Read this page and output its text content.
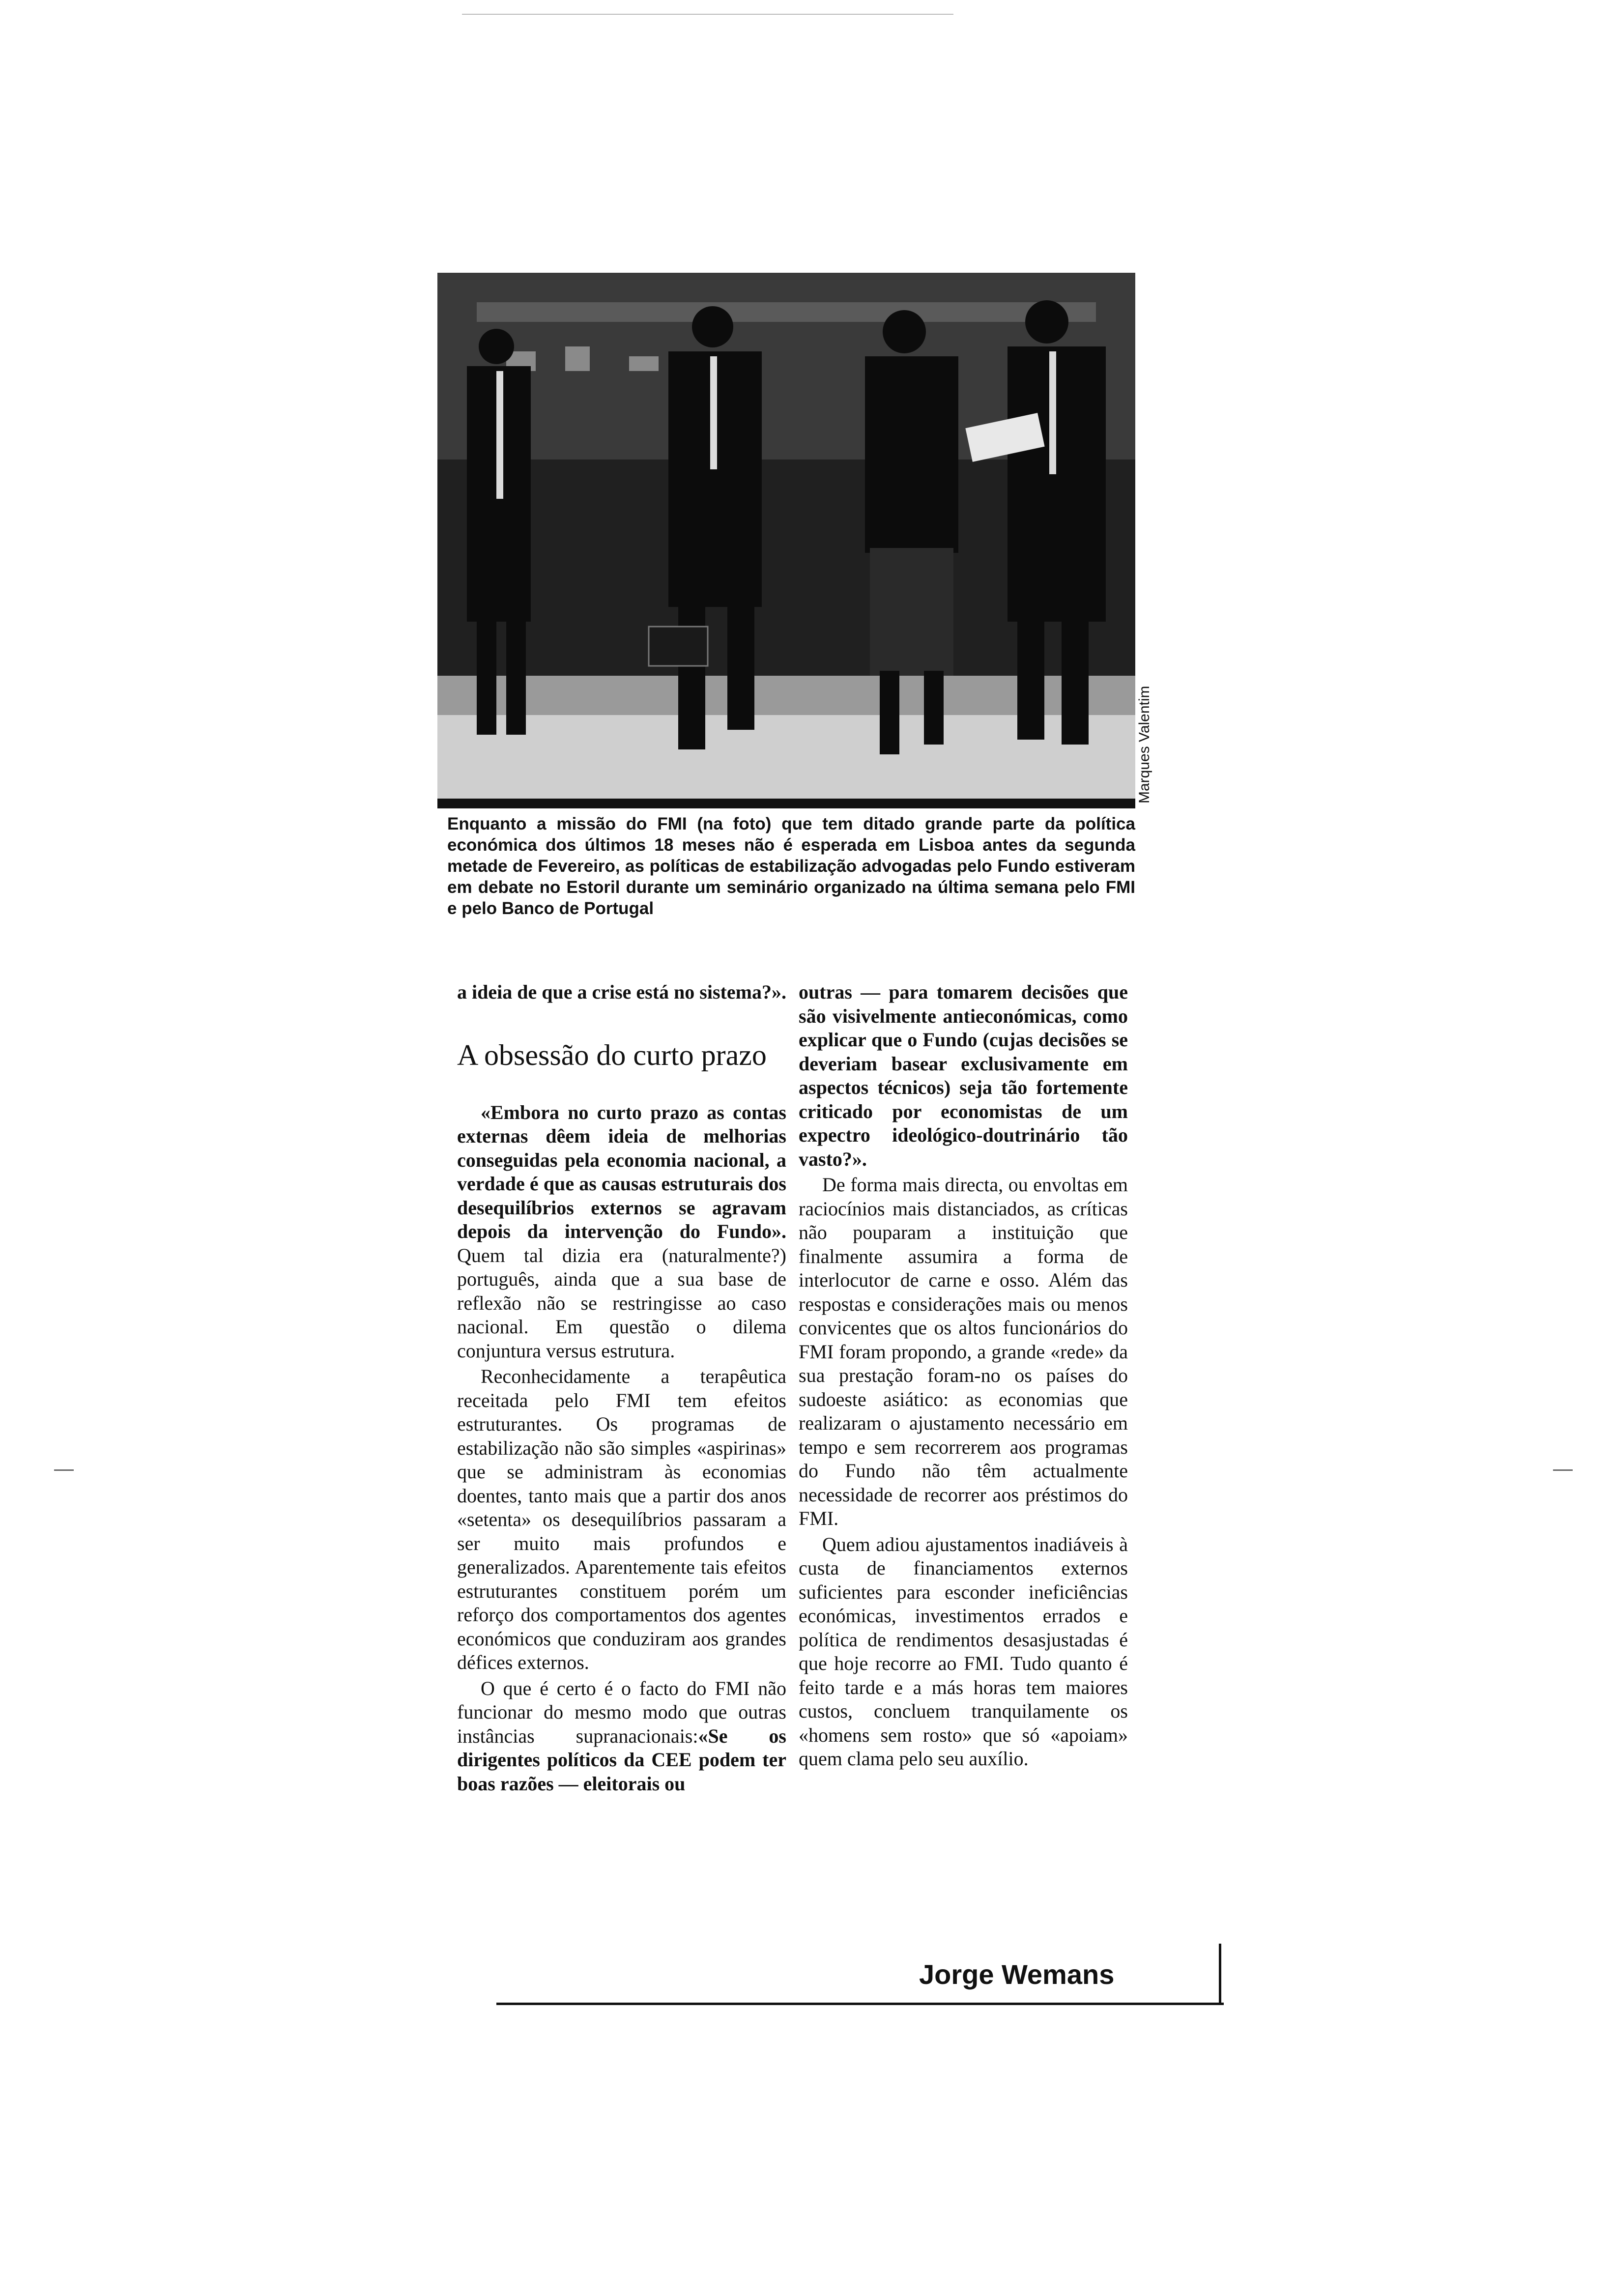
Marques Valentim
Enquanto a missão do FMI (na foto) que tem ditado grande parte da política económica dos últimos 18 meses não é esperada em Lisboa antes da segunda metade de Fevereiro, as políticas de estabilização advogadas pelo Fundo estiveram em debate no Estoril durante um seminário organizado na última semana pelo FMI e pelo Banco de Portugal

a ideia de que a crise está no sistema?».

A obsessão do curto prazo

«Embora no curto prazo as contas externas dêem ideia de melhorias conseguidas pela economia nacional, a verdade é que as causas estruturais dos desequilíbrios externos se agravam depois da intervenção do Fundo». Quem tal dizia era (naturalmente?) português, ainda que a sua base de reflexão não se restringisse ao caso nacional. Em questão o dilema conjuntura versus estrutura.

Reconhecidamente a terapêutica receitada pelo FMI tem efeitos estruturantes. Os programas de estabilização não são simples «aspirinas» que se administram às economias doentes, tanto mais que a partir dos anos «setenta» os desequilíbrios passaram a ser muito mais profundos e generalizados. Aparentemente tais efeitos estruturantes constituem porém um reforço dos comportamentos dos agentes económicos que conduziram aos grandes défices externos.

O que é certo é o facto do FMI não funcionar do mesmo modo que outras instâncias supranacionais:«Se os dirigentes políticos da CEE podem ter boas razões — eleitorais ou

outras — para tomarem decisões que são visivelmente antieconómicas, como explicar que o Fundo (cujas decisões se deveriam basear exclusivamente em aspectos técnicos) seja tão fortemente criticado por economistas de um expectro ideológico-doutrinário tão vasto?».

De forma mais directa, ou envoltas em raciocínios mais distanciados, as críticas não pouparam a instituição que finalmente assumira a forma de interlocutor de carne e osso. Além das respostas e considerações mais ou menos convicentes que os altos funcionários do FMI foram propondo, a grande «rede» da sua prestação foram-no os países do sudoeste asiático: as economias que realizaram o ajustamento necessário em tempo e sem recorrerem aos programas do Fundo não têm actualmente necessidade de recorrer aos préstimos do FMI.

Quem adiou ajustamentos inadiáveis à custa de financiamentos externos suficientes para esconder ineficiências económicas, investimentos errados e política de rendimentos desasjustadas é que hoje recorre ao FMI. Tudo quanto é feito tarde e a más horas tem maiores custos, concluem tranquilamente os «homens sem rosto» que só «apoiam» quem clama pelo seu auxílio.

Jorge Wemans
